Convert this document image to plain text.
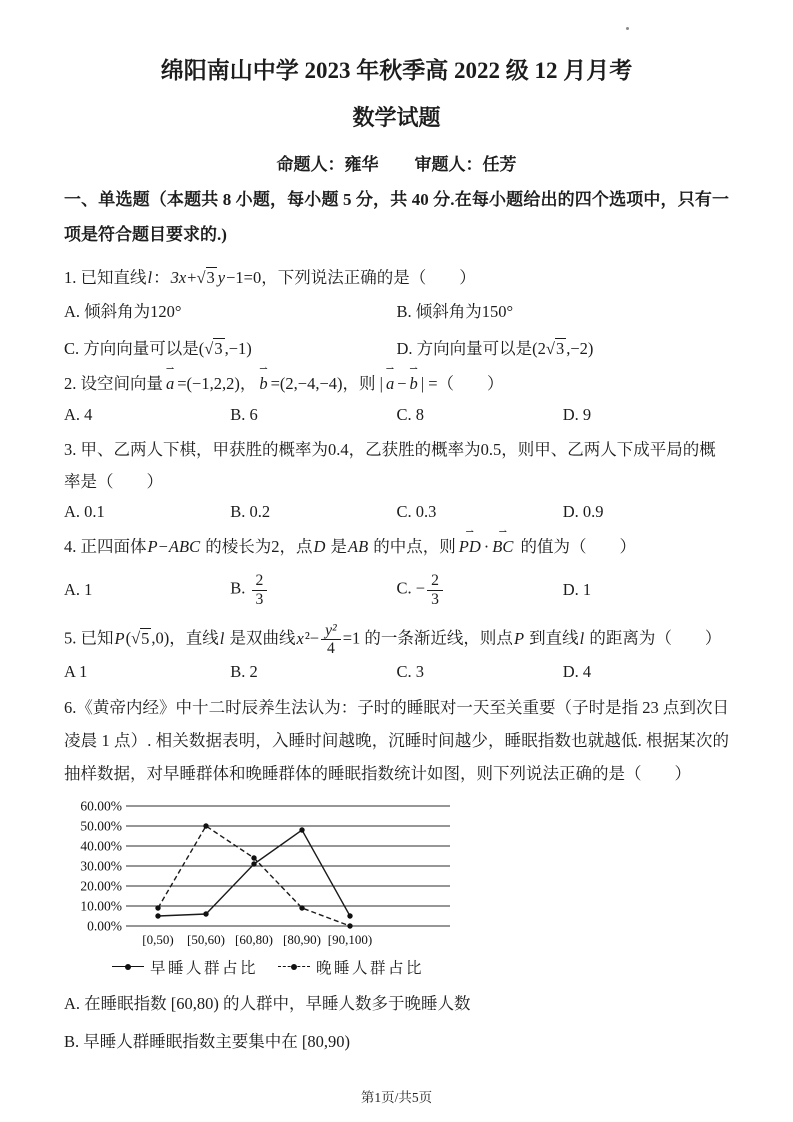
绵阳南山中学 2023 年秋季高 2022 级 12 月月考
数学试题
命题人：雍华 审题人：任芳

一、单选题（本题共 8 小题，每小题 5 分，共 40 分.在每小题给出的四个选项中，只有一项是符合题目要求的.)

1. 已知直线l：3x+√3 y−1=0，下列说法正确的是（　　）

A. 倾斜角为120°	B. 倾斜角为150°
C. 方向向量可以是(√3 ,−1)	D. 方向向量可以是(2√3 ,−2)

2. 设空间向量 ⇀ a =(−1,2,2)， ⇀ b =(2,−4,−4)，则 | ⇀ a − ⇀ b | =（　　）

A. 4	B. 6	C. 8	D. 9

3. 甲、乙两人下棋，甲获胜的概率为0.4，乙获胜的概率为0.5，则甲、乙两人下成平局的概率是（　　）

A. 0.1	B. 0.2	C. 0.3	D. 0.9

4. 正四面体P−ABC 的棱长为2，点D 是AB 的中点，则 ⇀ PD · ⇀ BC 的值为（　　）

A. 1	B. $\frac{2}{3}$	C. − $\frac{2}{3}$	D. 1

5. 已知P(√5 ,0)，直线l 是双曲线$x^2- \frac{\text{y²}}{4} =1$ 的一条渐近线，则点P 到直线l 的距离为（　　）

A 1	B. 2	C. 3	D. 4

6.《黄帝内经》中十二时辰养生法认为：子时的睡眠对一天至关重要（子时是指 23 点到次日凌晨 1 点）. 相关数据表明，入睡时间越晚，沉睡时间越少，睡眠指数也就越低. 根据某次的抽样数据，对早睡群体和晚睡群体的睡眠指数统计如图，则下列说法正确的是（　　）

60.00%
50.00%
40.00%
30.00%
20.00%
10.00%
0.00%
[0,50) [50,60) [60,80) [80,90) [90,100)
早睡人群占比	晚睡人群占比

A. 在睡眠指数 [60,80) 的人群中，早睡人数多于晚睡人数

B. 早睡人群睡眠指数主要集中在 [80,90)

第1页/共5页
